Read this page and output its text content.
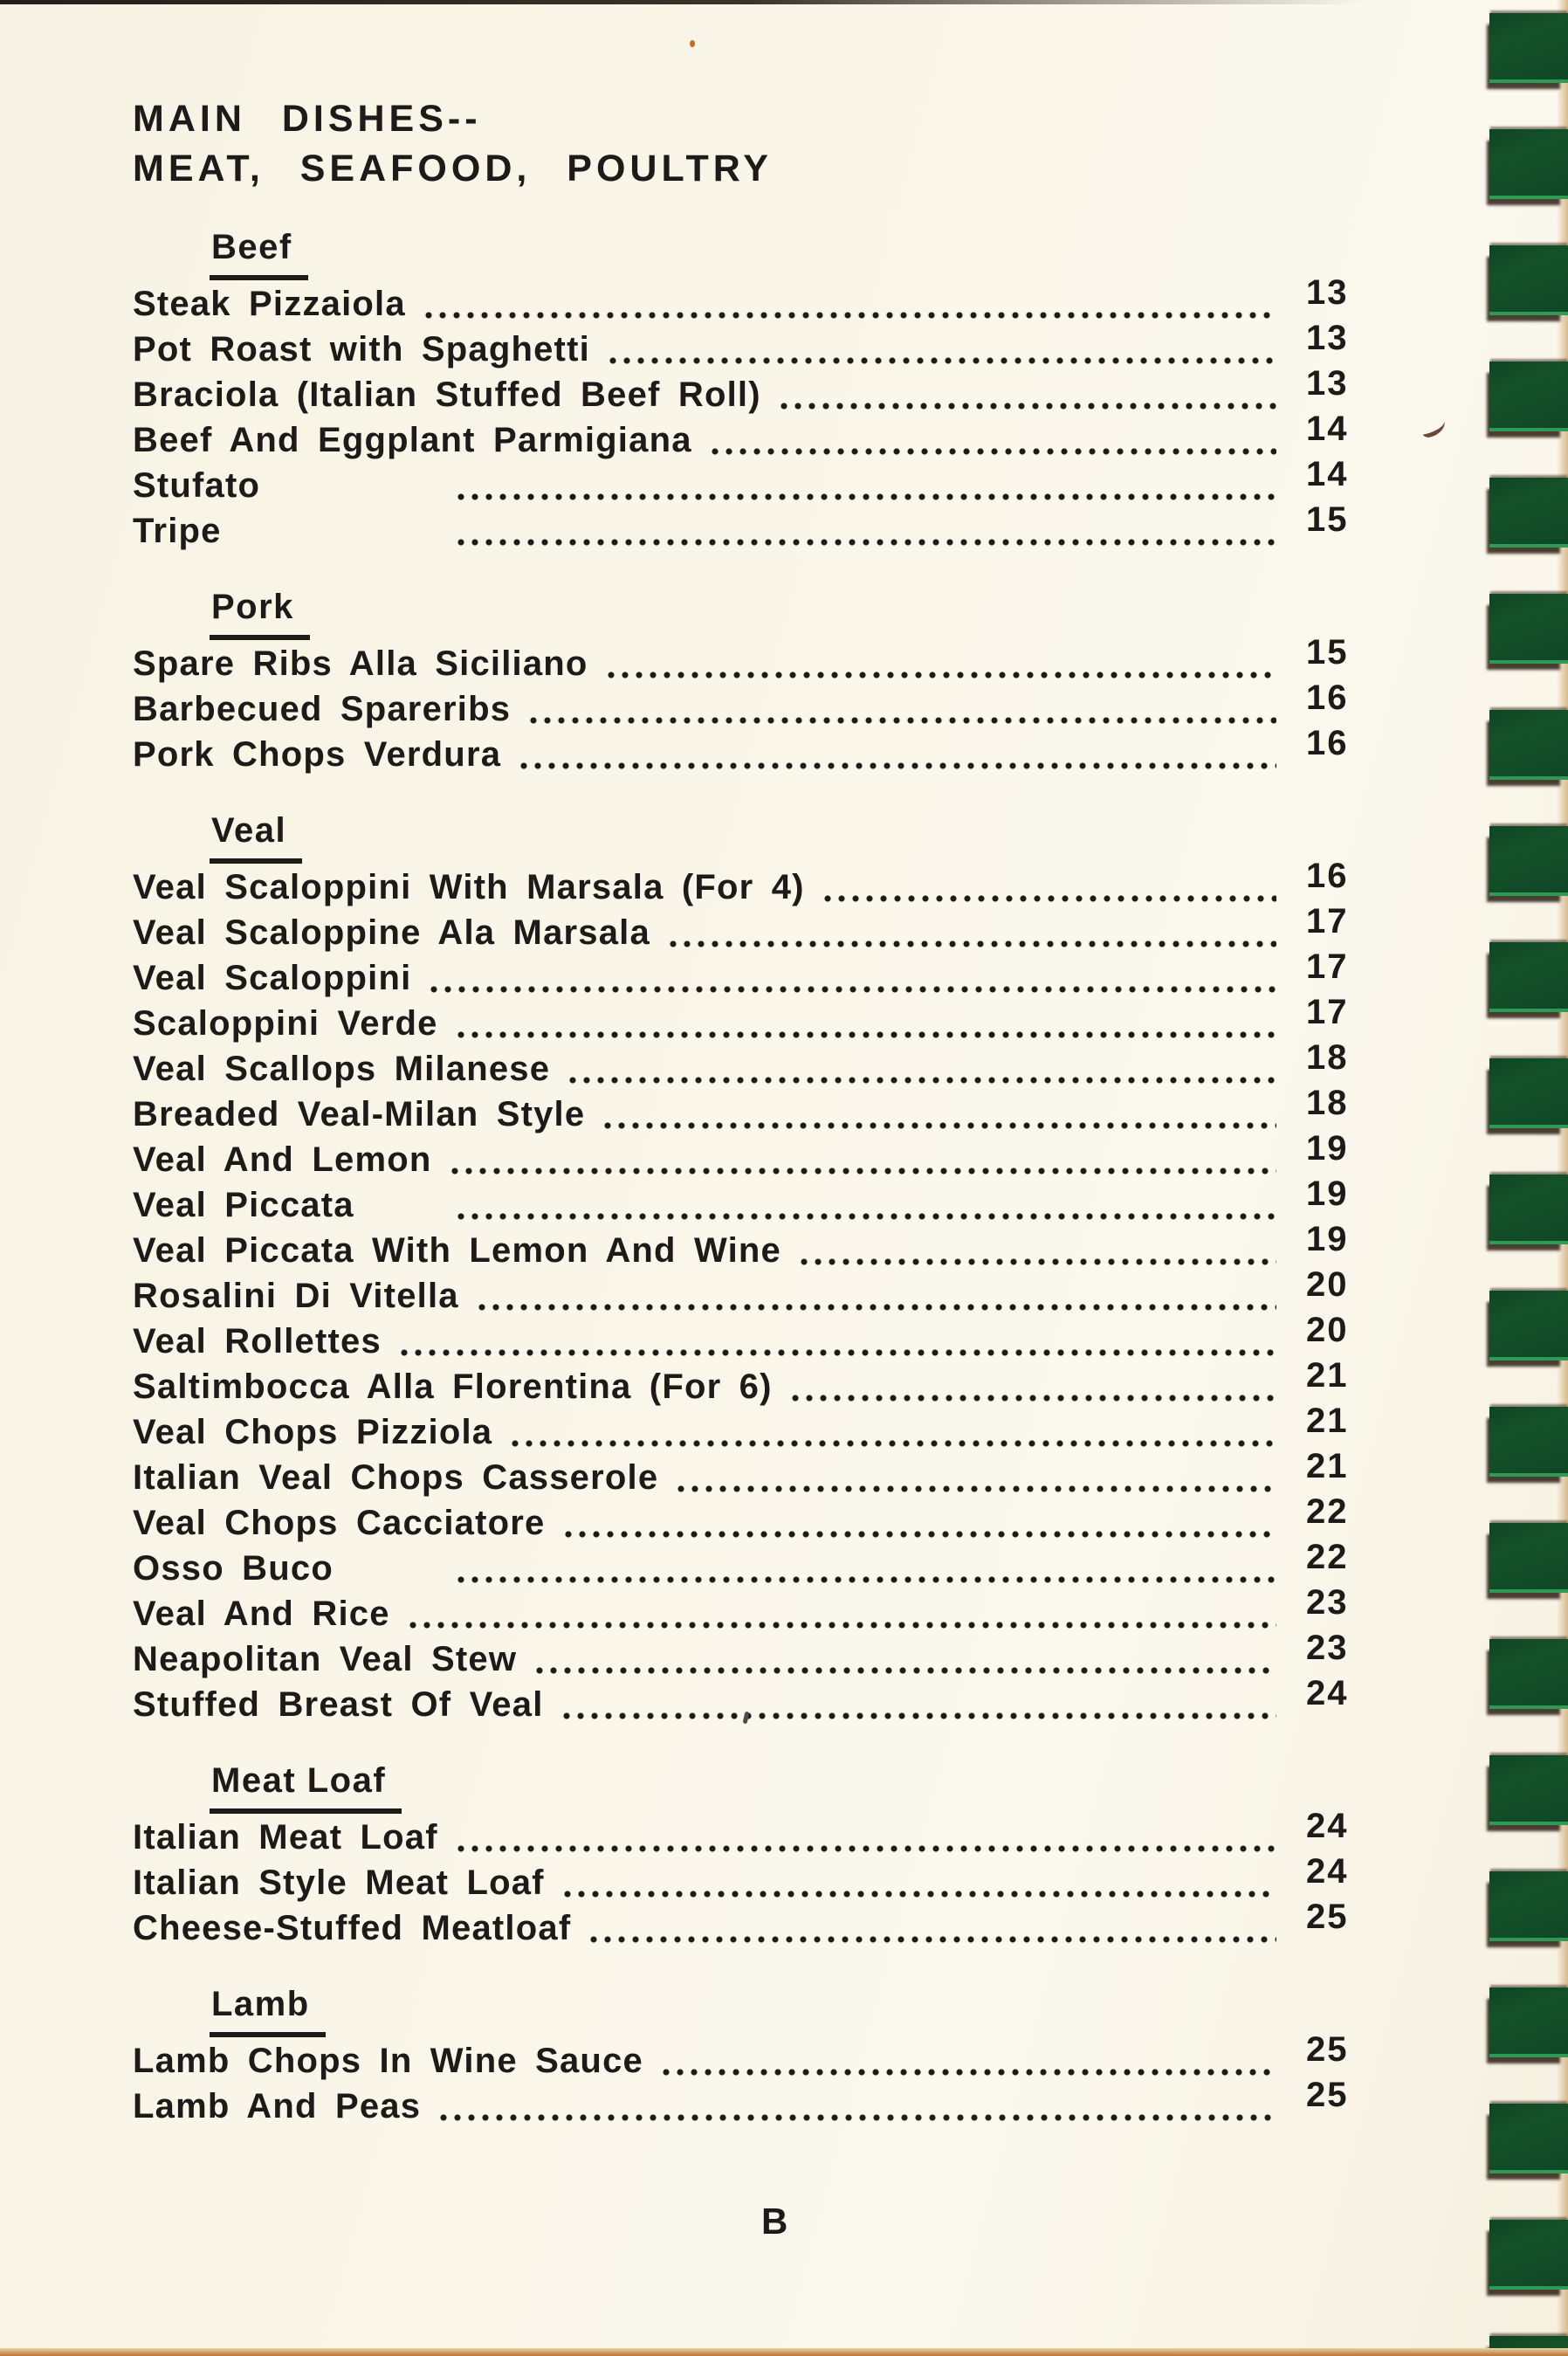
MAIN DISHES--
MEAT, SEAFOOD, POULTRY
Beef
Steak Pizzaiola	13
Pot Roast with Spaghetti	13
Braciola (Italian Stuffed Beef Roll)	13
Beef And Eggplant Parmigiana	14
Stufato	14
Tripe	15
Pork
Spare Ribs Alla Siciliano	15
Barbecued Spareribs	16
Pork Chops Verdura	16
Veal
Veal Scaloppini With Marsala (For 4)	16
Veal Scaloppine Ala Marsala	17
Veal Scaloppini	17
Scaloppini Verde	17
Veal Scallops Milanese	18
Breaded Veal-Milan Style	18
Veal And Lemon	19
Veal Piccata	19
Veal Piccata With Lemon And Wine	19
Rosalini Di Vitella	20
Veal Rollettes	20
Saltimbocca Alla Florentina (For 6)	21
Veal Chops Pizziola	21
Italian Veal Chops Casserole	21
Veal Chops Cacciatore	22
Osso Buco	22
Veal And Rice	23
Neapolitan Veal Stew	23
Stuffed Breast Of Veal	24
Meat Loaf
Italian Meat Loaf	24
Italian Style Meat Loaf	24
Cheese-Stuffed Meatloaf	25
Lamb
Lamb Chops In Wine Sauce	25
Lamb And Peas	25
B
